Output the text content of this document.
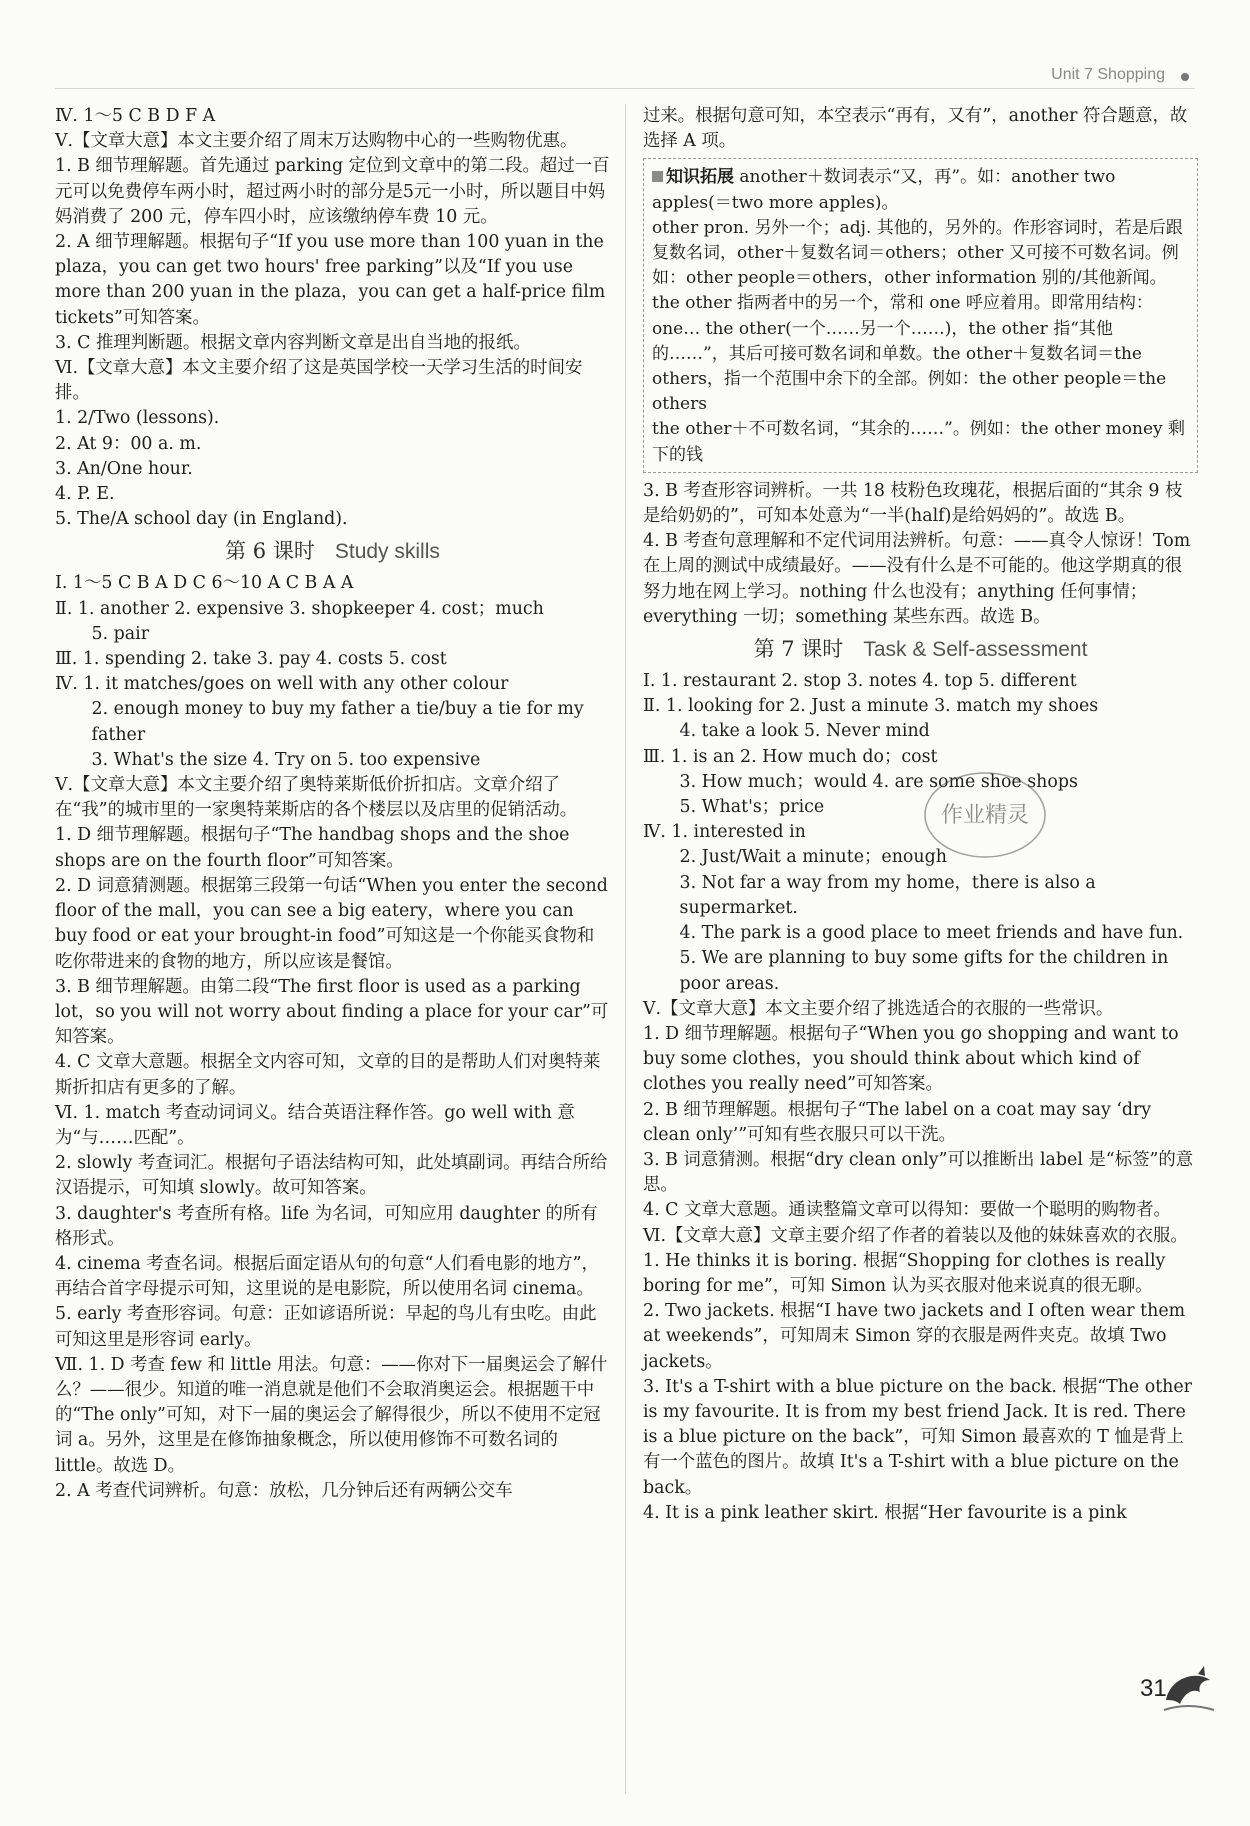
Unit 7 Shopping

Ⅳ. 1～5 C B D F A

Ⅴ.【文章大意】本文主要介绍了周末万达购物中心的一些购物优惠。

1. B 细节理解题。首先通过 parking 定位到文章中的第二段。超过一百元可以免费停车两小时，超过两小时的部分是5元一小时，所以题目中妈妈消费了 200 元，停车四小时，应该缴纳停车费 10 元。

2. A 细节理解题。根据句子“If you use more than 100 yuan in the plaza，you can get two hours' free parking”以及“If you use more than 200 yuan in the plaza，you can get a half-price film tickets”可知答案。

3. C 推理判断题。根据文章内容判断文章是出自当地的报纸。

Ⅵ.【文章大意】本文主要介绍了这是英国学校一天学习生活的时间安排。

1. 2/Two (lessons).

2. At 9：00 a. m.

3. An/One hour.

4. P. E.

5. The/A school day (in England).

第 6 课时 Study skills

Ⅰ. 1～5 C B A D C 6～10 A C B A A

Ⅱ. 1. another 2. expensive 3. shopkeeper 4. cost；much

5. pair

Ⅲ. 1. spending 2. take 3. pay 4. costs 5. cost

Ⅳ. 1. it matches/goes on well with any other colour

2. enough money to buy my father a tie/buy a tie for my father

3. What's the size 4. Try on 5. too expensive

Ⅴ.【文章大意】本文主要介绍了奥特莱斯低价折扣店。文章介绍了在“我”的城市里的一家奥特莱斯店的各个楼层以及店里的促销活动。

1. D 细节理解题。根据句子“The handbag shops and the shoe shops are on the fourth floor”可知答案。

2. D 词意猜测题。根据第三段第一句话“When you enter the second floor of the mall，you can see a big eatery，where you can buy food or eat your brought-in food”可知这是一个你能买食物和吃你带进来的食物的地方，所以应该是餐馆。

3. B 细节理解题。由第二段“The first floor is used as a parking lot，so you will not worry about finding a place for your car”可知答案。

4. C 文章大意题。根据全文内容可知，文章的目的是帮助人们对奥特莱斯折扣店有更多的了解。

Ⅵ. 1. match 考查动词词义。结合英语注释作答。go well with 意为“与……匹配”。

2. slowly 考查词汇。根据句子语法结构可知，此处填副词。再结合所给汉语提示，可知填 slowly。故可知答案。

3. daughter's 考查所有格。life 为名词，可知应用 daughter 的所有格形式。

4. cinema 考查名词。根据后面定语从句的句意“人们看电影的地方”，再结合首字母提示可知，这里说的是电影院，所以使用名词 cinema。

5. early 考查形容词。句意：正如谚语所说：早起的鸟儿有虫吃。由此可知这里是形容词 early。

Ⅶ. 1. D 考查 few 和 little 用法。句意：——你对下一届奥运会了解什么？——很少。知道的唯一消息就是他们不会取消奥运会。根据题干中的“The only”可知，对下一届的奥运会了解得很少，所以不使用不定冠词 a。另外，这里是在修饰抽象概念，所以使用修饰不可数名词的 little。故选 D。

2. A 考查代词辨析。句意：放松，几分钟后还有两辆公交车

过来。根据句意可知，本空表示“再有，又有”，another 符合题意，故选择 A 项。

知识拓展 another＋数词表示“又，再”。如：another two apples(＝two more apples)。

other pron. 另外一个；adj. 其他的，另外的。作形容词时，若是后跟复数名词，other＋复数名词＝others；other 又可接不可数名词。例如：other people＝others，other information 别的/其他新闻。

the other 指两者中的另一个，常和 one 呼应着用。即常用结构：one… the other(一个……另一个……)，the other 指“其他的……”，其后可接可数名词和单数。the other＋复数名词＝the others，指一个范围中余下的全部。例如：the other people＝the others

the other＋不可数名词，“其余的……”。例如：the other money 剩下的钱

3. B 考查形容词辨析。一共 18 枝粉色玫瑰花，根据后面的“其余 9 枝是给奶奶的”，可知本处意为“一半(half)是给妈妈的”。故选 B。

4. B 考查句意理解和不定代词用法辨析。句意：——真令人惊讶！Tom 在上周的测试中成绩最好。——没有什么是不可能的。他这学期真的很努力地在网上学习。nothing 什么也没有；anything 任何事情；everything 一切；something 某些东西。故选 B。

第 7 课时 Task & Self-assessment

Ⅰ. 1. restaurant 2. stop 3. notes 4. top 5. different

Ⅱ. 1. looking for 2. Just a minute 3. match my shoes

4. take a look 5. Never mind

Ⅲ. 1. is an 2. How much do；cost

3. How much；would 4. are some shoe shops

5. What's；price

Ⅳ. 1. interested in

2. Just/Wait a minute；enough

3. Not far a way from my home，there is also a supermarket.

4. The park is a good place to meet friends and have fun.

5. We are planning to buy some gifts for the children in poor areas.

Ⅴ.【文章大意】本文主要介绍了挑选适合的衣服的一些常识。

1. D 细节理解题。根据句子“When you go shopping and want to buy some clothes，you should think about which kind of clothes you really need”可知答案。

2. B 细节理解题。根据句子“The label on a coat may say ‘dry clean only’”可知有些衣服只可以干洗。

3. B 词意猜测。根据“dry clean only”可以推断出 label 是“标签”的意思。

4. C 文章大意题。通读整篇文章可以得知：要做一个聪明的购物者。

Ⅵ.【文章大意】文章主要介绍了作者的着装以及他的妹妹喜欢的衣服。

1. He thinks it is boring. 根据“Shopping for clothes is really boring for me”，可知 Simon 认为买衣服对他来说真的很无聊。

2. Two jackets. 根据“I have two jackets and I often wear them at weekends”，可知周末 Simon 穿的衣服是两件夹克。故填 Two jackets。

3. It's a T-shirt with a blue picture on the back. 根据“The other is my favourite. It is from my best friend Jack. It is red. There is a blue picture on the back”，可知 Simon 最喜欢的 T 恤是背上有一个蓝色的图片。故填 It's a T-shirt with a blue picture on the back。

4. It is a pink leather skirt. 根据“Her favourite is a pink

作业精灵
31
